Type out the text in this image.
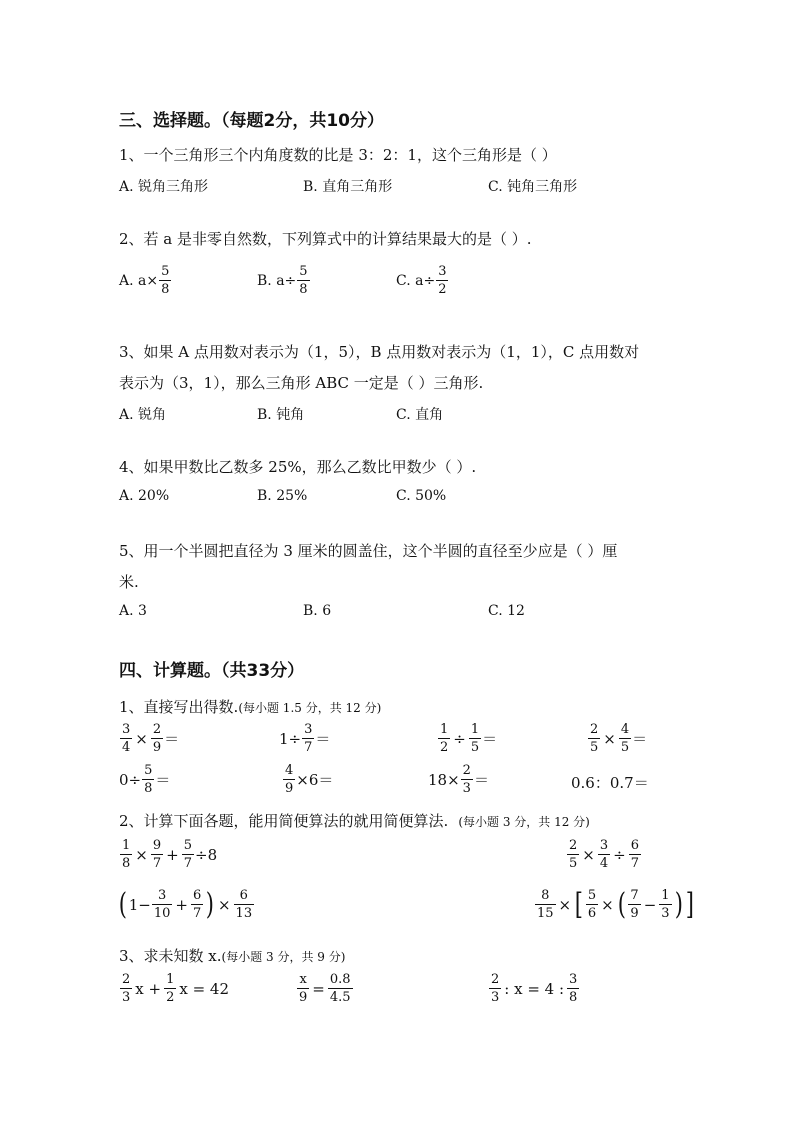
三、选择题。（每题2分，共10分）
1、一个三角形三个内角度数的比是 3：2：1，这个三角形是（ ）
A. 锐角三角形	B. 直角三角形	C. 钝角三角形
2、若 a 是非零自然数，下列算式中的计算结果最大的是（ ）.
A. $a\times \frac{5}{8}$	B. $a\div \frac{5}{8}$	C. $a\div \frac{3}{2}$
3、如果 A 点用数对表示为（1，5），B 点用数对表示为（1，1），C 点用数对
表示为（3，1），那么三角形 ABC 一定是（ ）三角形.
A. 锐角	B. 钝角	C. 直角
4、如果甲数比乙数多 25%，那么乙数比甲数少（ ）.
A. 20%	B. 25%	C. 50%
5、用一个半圆把直径为 3 厘米的圆盖住，这个半圆的直径至少应是（ ）厘
米.
A. 3	B. 6	C. 12
四、计算题。（共33分）
1、直接写出得数.(每小题 1.5 分，共 12 分)
$\frac{3}{4} \times \frac{2}{9}$ ＝	$1\div \frac{3}{7}$ ＝	$\frac{1}{2} \div \frac{1}{5}$ ＝	$\frac{2}{5} \times \frac{4}{5}$ ＝
$0\div \frac{5}{8}$ ＝	$\frac{4}{9} \times 6=$	$18\times \frac{2}{3}$ ＝	0.6：0.7＝
2、计算下面各题，能用简便算法的就用简便算法. (每小题 3 分，共 12 分)
$\frac{1}{8} \times \frac{9}{7} + \frac{5}{7} \div 8$	$\frac{2}{5} \times \frac{3}{4} \div \frac{6}{7}$
( $1- \frac{3}{10} + \frac{6}{7}$ ) × $\frac{6}{13}$	$\frac{8}{15}$ × [ $\frac{5}{6}$ × ( $\frac{7}{9} - \frac{1}{3}$ ) ]
3、求未知数 x.(每小题 3 分，共 9 分)
$\frac{2}{3}$ $x + \frac{1}{2}$ x = 42	$\frac{x}{9} = \frac{0.8}{4.5}$	$\frac{2}{3}$ : x = 4 : $\frac{3}{8}$
